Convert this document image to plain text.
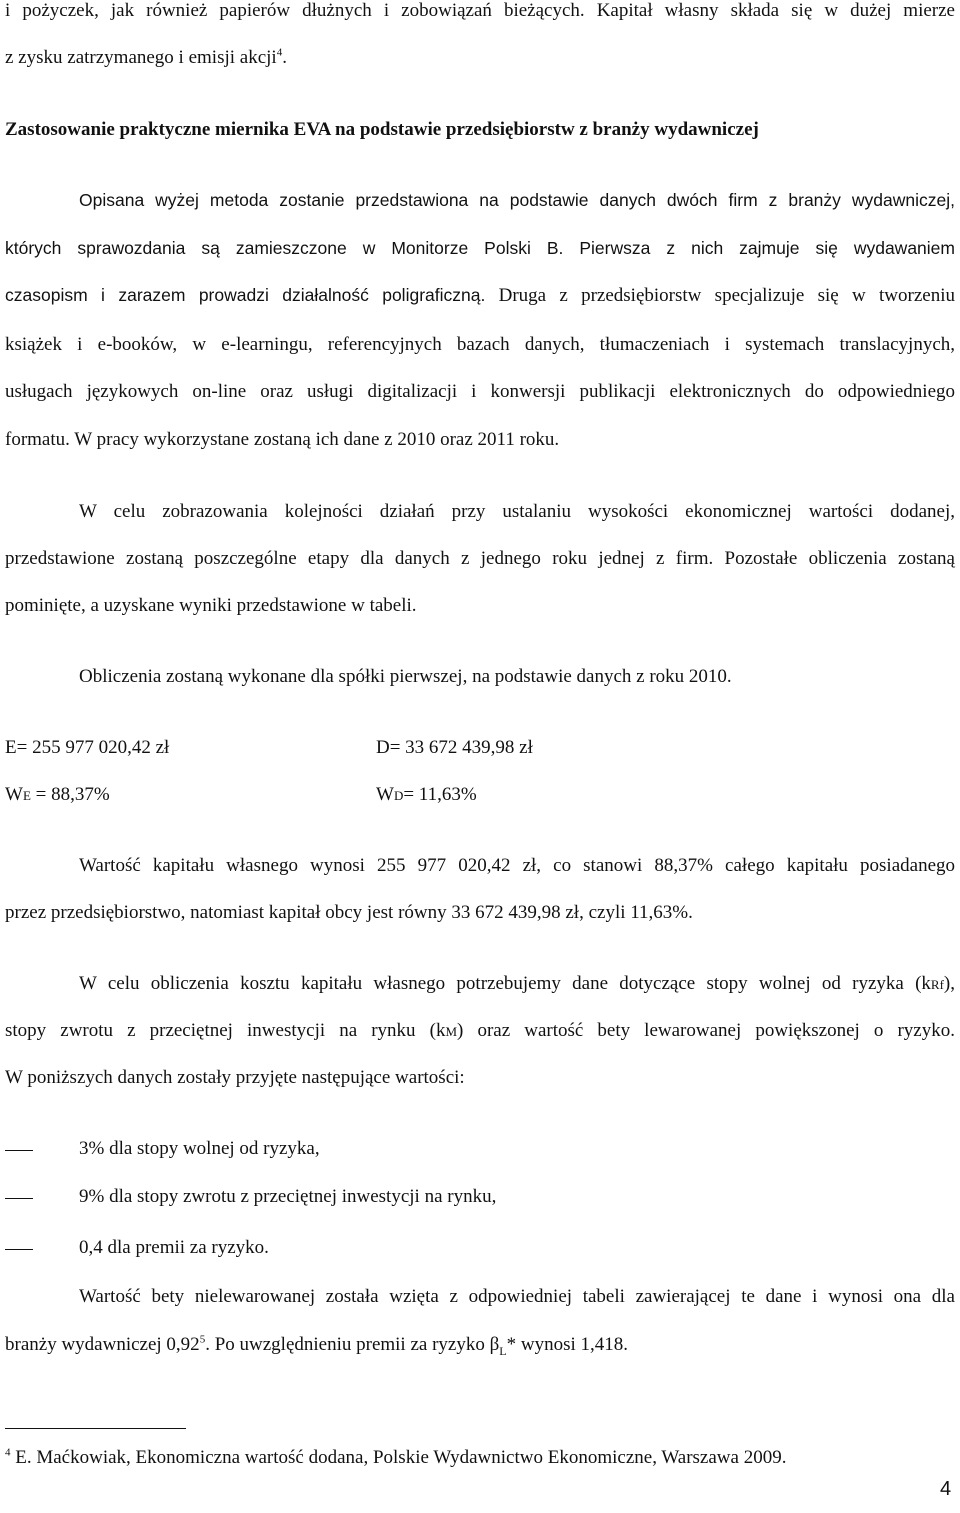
i pożyczek, jak również papierów dłużnych i zobowiązań bieżących. Kapitał własny składa się w dużej mierze
z zysku zatrzymanego i emisji akcji$^4$.
Zastosowanie praktyczne miernika EVA na podstawie przedsiębiorstw z branży wydawniczej
Opisana wyżej metoda zostanie przedstawiona na podstawie danych dwóch firm z branży wydawniczej,
których sprawozdania są zamieszczone w Monitorze Polski B. Pierwsza z nich zajmuje się wydawaniem
czasopism i zarazem prowadzi działalność poligraficzną. Druga z przedsiębiorstw specjalizuje się w tworzeniu
książek i e-booków, w e-learningu, referencyjnych bazach danych, tłumaczeniach i systemach translacyjnych,
usługach językowych on-line oraz usługi digitalizacji i konwersji publikacji elektronicznych do odpowiedniego
formatu. W pracy wykorzystane zostaną ich dane z 2010 oraz 2011 roku.
W celu zobrazowania kolejności działań przy ustalaniu wysokości ekonomicznej wartości dodanej,
przedstawione zostaną poszczególne etapy dla danych z jednego roku jednej z firm. Pozostałe obliczenia zostaną
pominięte, a uzyskane wyniki przedstawione w tabeli.
Obliczenia zostaną wykonane dla spółki pierwszej, na podstawie danych z roku 2010.
E= 255 977 020,42 zł	D= 33 672 439,98 zł
WE = 88,37%	WD= 11,63%
Wartość kapitału własnego wynosi 255 977 020,42 zł, co stanowi 88,37% całego kapitału posiadanego
przez przedsiębiorstwo, natomiast kapitał obcy jest równy 33 672 439,98 zł, czyli 11,63%.
W celu obliczenia kosztu kapitału własnego potrzebujemy dane dotyczące stopy wolnej od ryzyka (kRf),
stopy zwrotu z przeciętnej inwestycji na rynku (kM) oraz wartość bety lewarowanej powiększonej o ryzyko.
W poniższych danych zostały przyjęte następujące wartości:
3% dla stopy wolnej od ryzyka,
9% dla stopy zwrotu z przeciętnej inwestycji na rynku,
0,4 dla premii za ryzyko.
Wartość bety nielewarowanej została wzięta z odpowiedniej tabeli zawierającej te dane i wynosi ona dla
branży wydawniczej 0,92$^5$. Po uwzględnieniu premii za ryzyko $\beta_L*$ wynosi 1,418.
$^4$ E. Maćkowiak, Ekonomiczna wartość dodana, Polskie Wydawnictwo Ekonomiczne, Warszawa 2009.
4
